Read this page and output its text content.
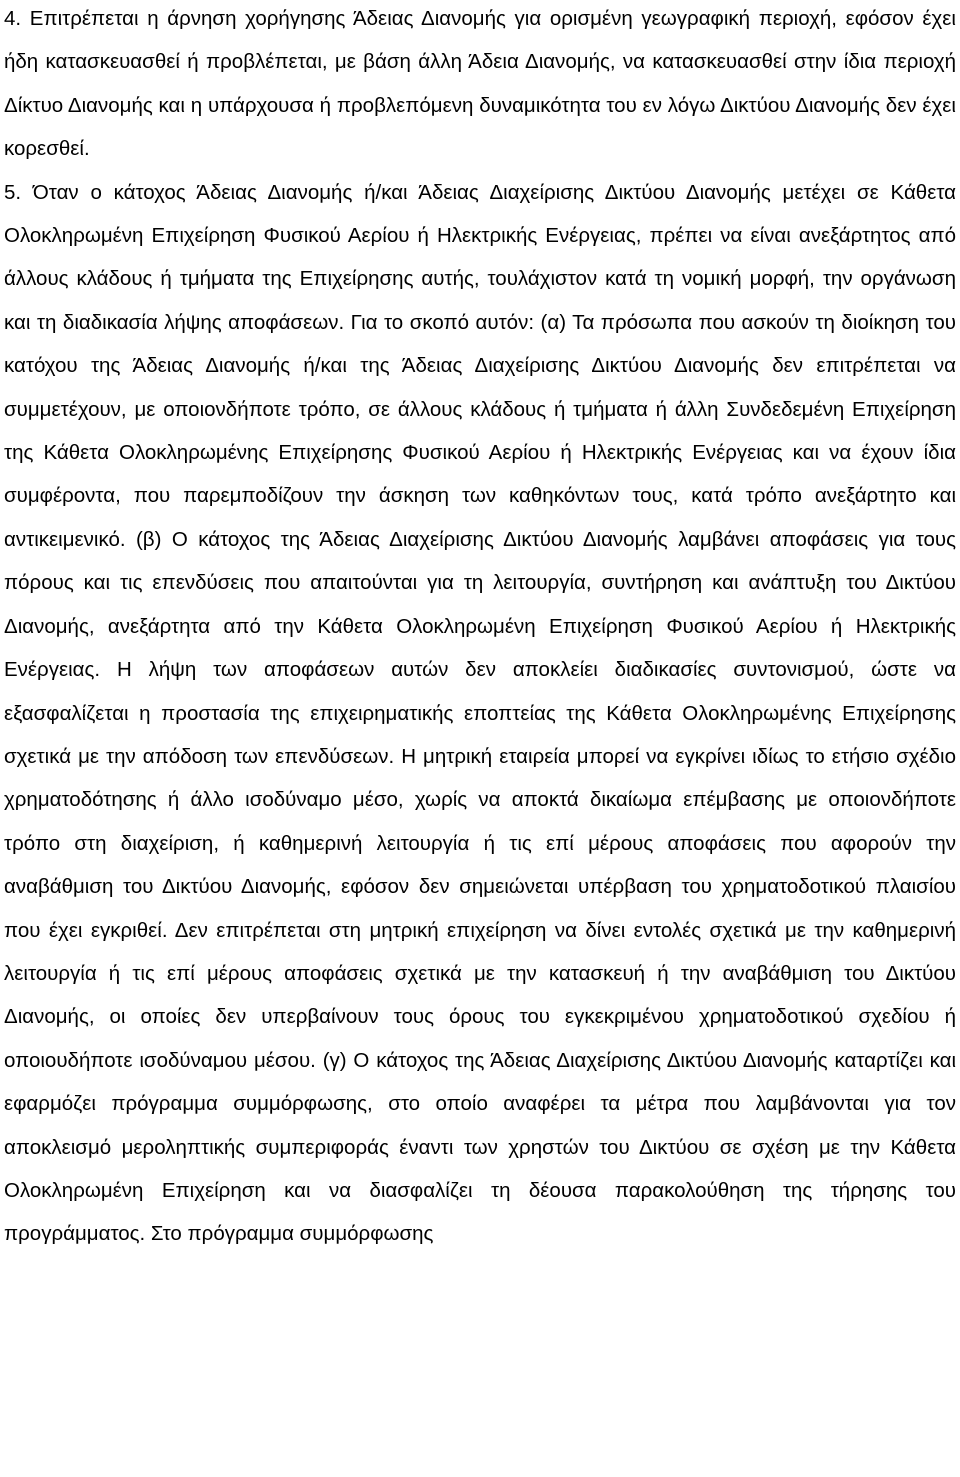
4. Επιτρέπεται η άρνηση χορήγησης Άδειας Διανομής για ορισμένη γεωγραφική περιοχή, εφόσον έχει ήδη κατασκευασθεί ή προβλέπεται, με βάση άλλη Άδεια Διανομής, να κατασκευασθεί στην ίδια περιοχή Δίκτυο Διανομής και η υπάρχουσα ή προβλεπόμενη δυναμικότητα του εν λόγω Δικτύου Διανομής δεν έχει κορεσθεί.

5. Όταν ο κάτοχος Άδειας Διανομής ή/και Άδειας Διαχείρισης Δικτύου Διανομής μετέχει σε Κάθετα Ολοκληρωμένη Επιχείρηση Φυσικού Αερίου ή Ηλεκτρικής Ενέργειας, πρέπει να είναι ανεξάρτητος από άλλους κλάδους ή τμήματα της Επιχείρησης αυτής, τουλάχιστον κατά τη νομική μορφή, την οργάνωση και τη διαδικασία λήψης αποφάσεων. Για το σκοπό αυτόν: (α) Τα πρόσωπα που ασκούν τη διοίκηση του κατόχου της Άδειας Διανομής ή/και της Άδειας Διαχείρισης Δικτύου Διανομής δεν επιτρέπεται να συμμετέχουν, με οποιονδήποτε τρόπο, σε άλλους κλάδους ή τμήματα ή άλλη Συνδεδεμένη Επιχείρηση της Κάθετα Ολοκληρωμένης Επιχείρησης Φυσικού Αερίου ή Ηλεκτρικής Ενέργειας και να έχουν ίδια συμφέροντα, που παρεμποδίζουν την άσκηση των καθηκόντων τους, κατά τρόπο ανεξάρτητο και αντικειμενικό. (β) Ο κάτοχος της Άδειας Διαχείρισης Δικτύου Διανομής λαμβάνει αποφάσεις για τους πόρους και τις επενδύσεις που απαιτούνται για τη λειτουργία, συντήρηση και ανάπτυξη του Δικτύου Διανομής, ανεξάρτητα από την Κάθετα Ολοκληρωμένη Επιχείρηση Φυσικού Αερίου ή Ηλεκτρικής Ενέργειας. Η λήψη των αποφάσεων αυτών δεν αποκλείει διαδικασίες συντονισμού, ώστε να εξασφαλίζεται η προστασία της επιχειρηματικής εποπτείας της Κάθετα Ολοκληρωμένης Επιχείρησης σχετικά με την απόδοση των επενδύσεων. Η μητρική εταιρεία μπορεί να εγκρίνει ιδίως το ετήσιο σχέδιο χρηματοδότησης ή άλλο ισοδύναμο μέσο, χωρίς να αποκτά δικαίωμα επέμβασης με οποιονδήποτε τρόπο στη διαχείριση, ή καθημερινή λειτουργία ή τις επί μέρους αποφάσεις που αφορούν την αναβάθμιση του Δικτύου Διανομής, εφόσον δεν σημειώνεται υπέρβαση του χρηματοδοτικού πλαισίου που έχει εγκριθεί. Δεν επιτρέπεται στη μητρική επιχείρηση να δίνει εντολές σχετικά με την καθημερινή λειτουργία ή τις επί μέρους αποφάσεις σχετικά με την κατασκευή ή την αναβάθμιση του Δικτύου Διανομής, οι οποίες δεν υπερβαίνουν τους όρους του εγκεκριμένου χρηματοδοτικού σχεδίου ή οποιουδήποτε ισοδύναμου μέσου. (γ) Ο κάτοχος της Άδειας Διαχείρισης Δικτύου Διανομής καταρτίζει και εφαρμόζει πρόγραμμα συμμόρφωσης, στο οποίο αναφέρει τα μέτρα που λαμβάνονται για τον αποκλεισμό μεροληπτικής συμπεριφοράς έναντι των χρηστών του Δικτύου σε σχέση με την Κάθετα Ολοκληρωμένη Επιχείρηση και να διασφαλίζει τη δέουσα παρακολούθηση της τήρησης του προγράμματος. Στο πρόγραμμα συμμόρφωσης
